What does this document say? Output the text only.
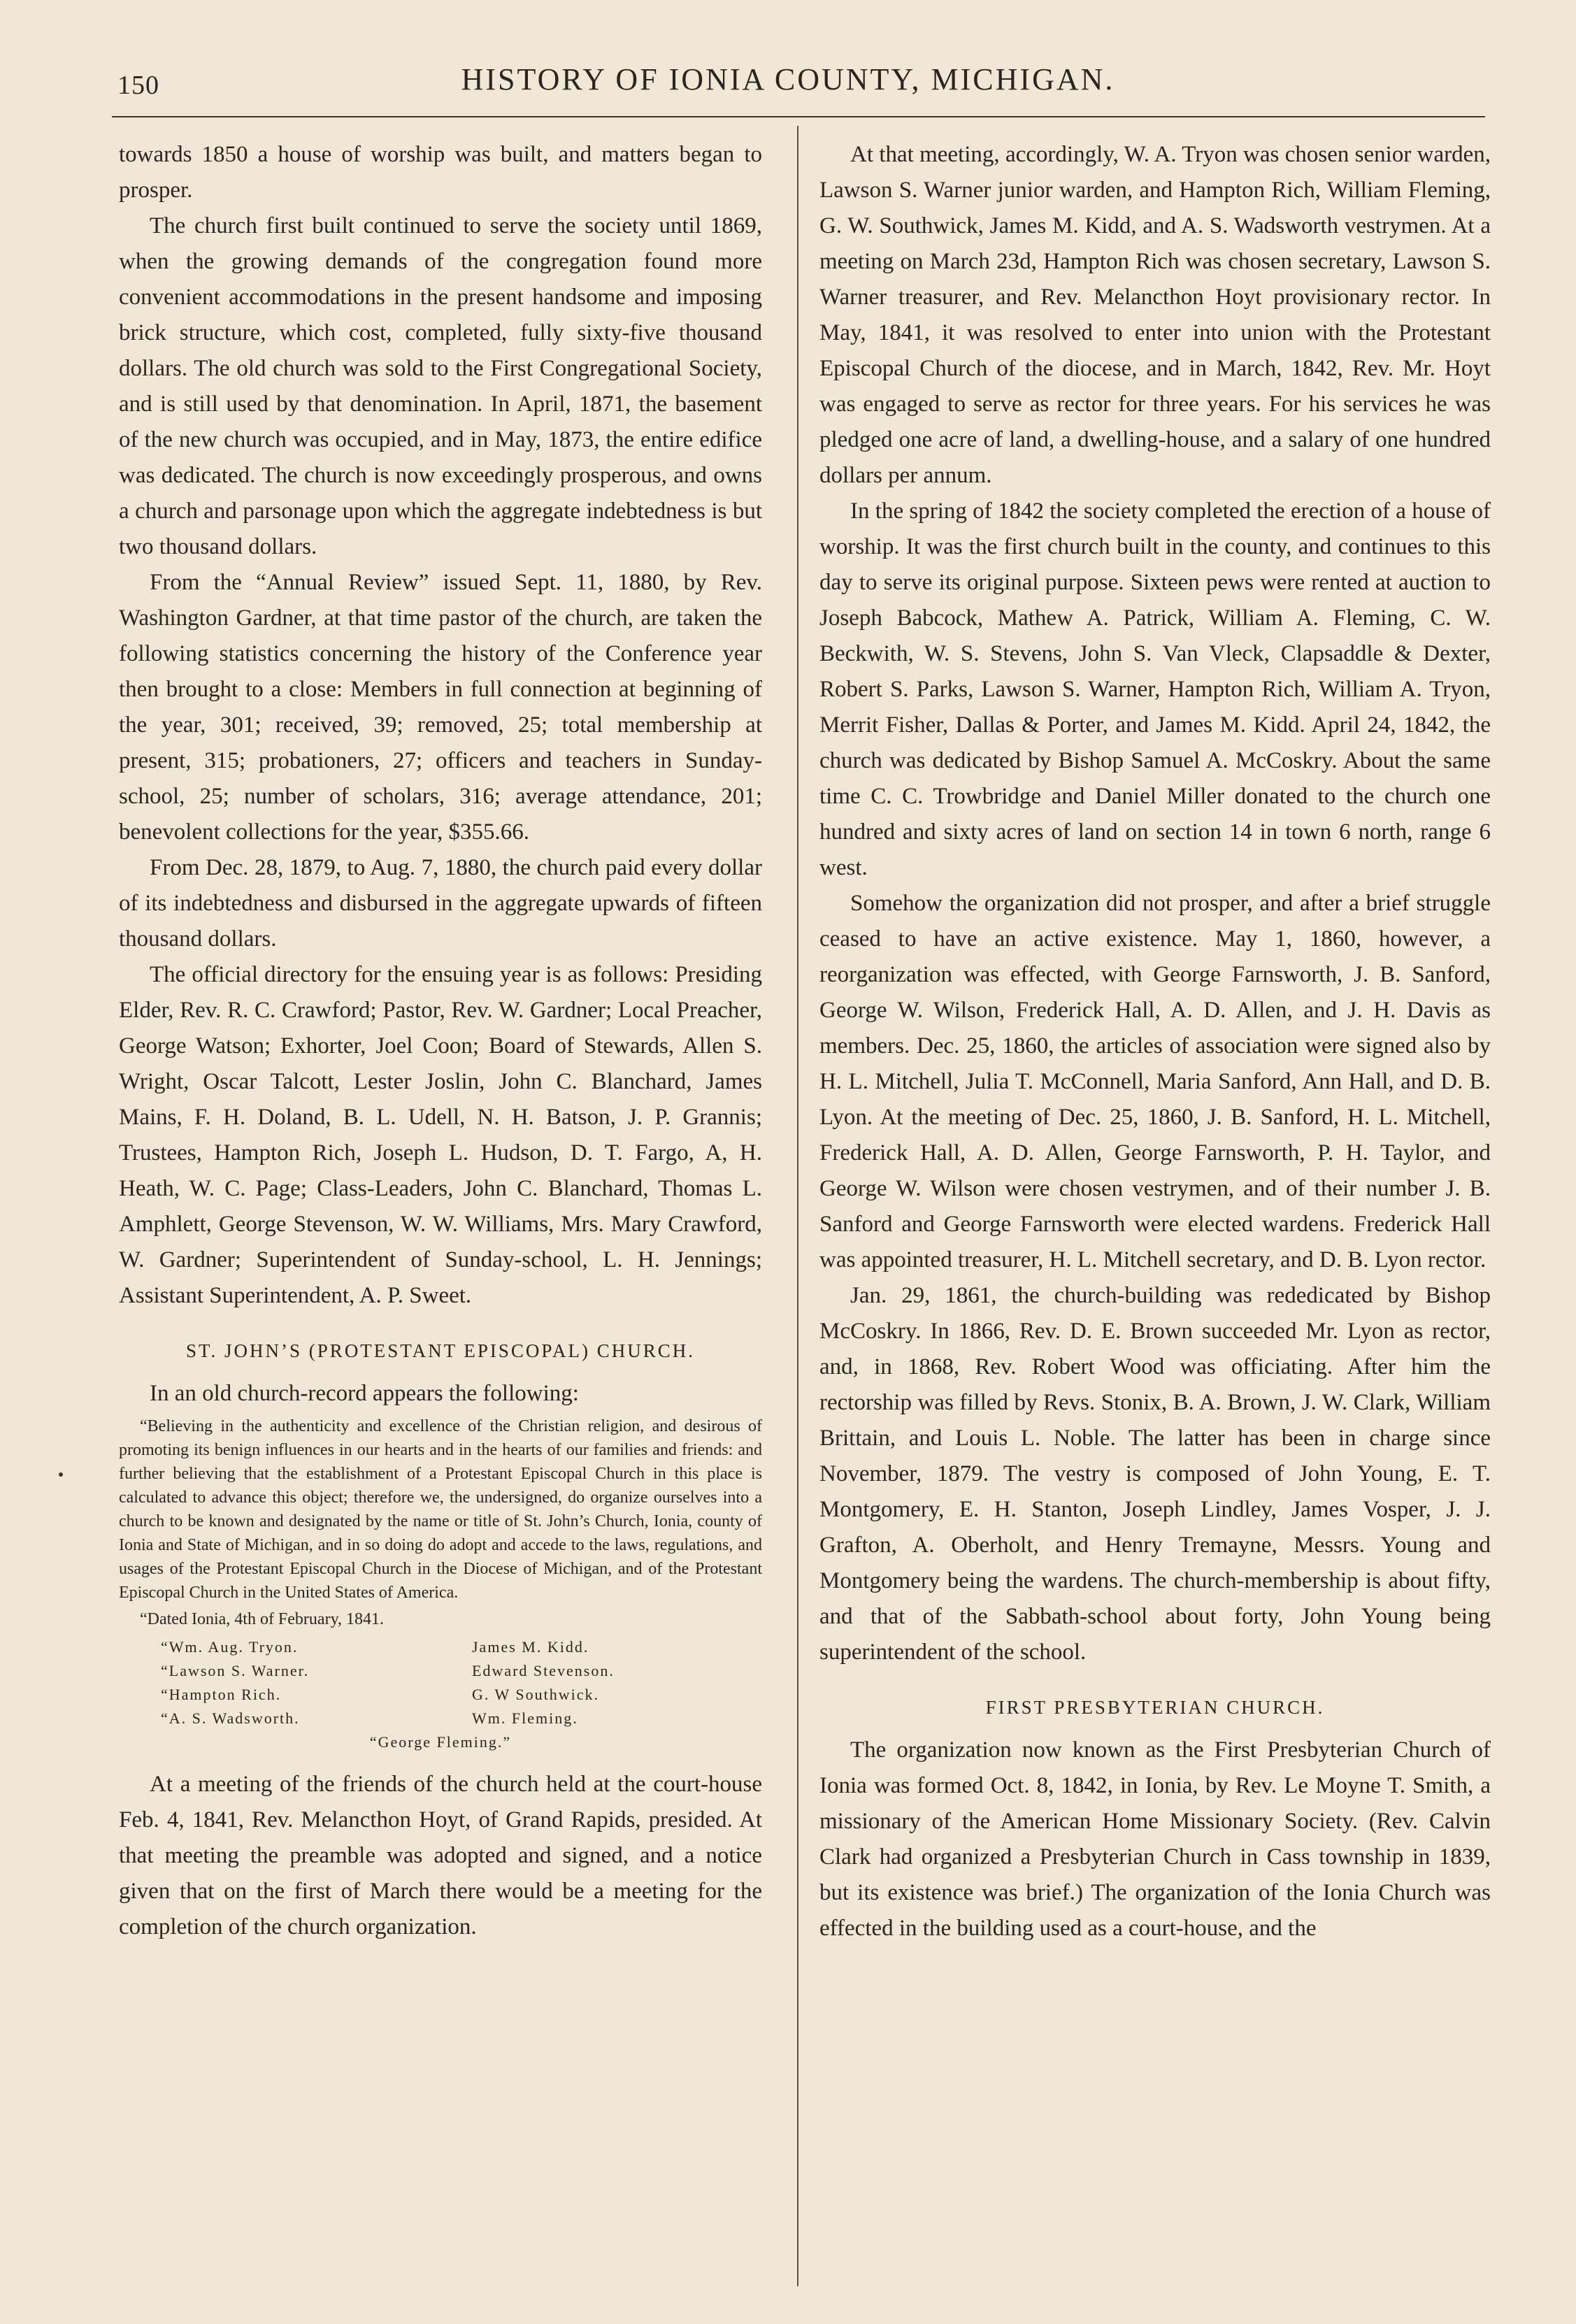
150	HISTORY OF IONIA COUNTY, MICHIGAN.

towards 1850 a house of worship was built, and matters began to prosper.

The church first built continued to serve the society until 1869, when the growing demands of the congregation found more convenient accommodations in the present handsome and imposing brick structure, which cost, completed, fully sixty-five thousand dollars. The old church was sold to the First Congregational Society, and is still used by that denomination. In April, 1871, the basement of the new church was occupied, and in May, 1873, the entire edifice was dedicated. The church is now exceedingly prosperous, and owns a church and parsonage upon which the aggregate indebtedness is but two thousand dollars.

From the “Annual Review” issued Sept. 11, 1880, by Rev. Washington Gardner, at that time pastor of the church, are taken the following statistics concerning the history of the Conference year then brought to a close: Members in full connection at beginning of the year, 301; received, 39; removed, 25; total membership at present, 315; probationers, 27; officers and teachers in Sunday-school, 25; number of scholars, 316; average attendance, 201; benevolent collections for the year, $355.66.

From Dec. 28, 1879, to Aug. 7, 1880, the church paid every dollar of its indebtedness and disbursed in the aggregate upwards of fifteen thousand dollars.

The official directory for the ensuing year is as follows: Presiding Elder, Rev. R. C. Crawford; Pastor, Rev. W. Gardner; Local Preacher, George Watson; Exhorter, Joel Coon; Board of Stewards, Allen S. Wright, Oscar Talcott, Lester Joslin, John C. Blanchard, James Mains, F. H. Doland, B. L. Udell, N. H. Batson, J. P. Grannis; Trustees, Hampton Rich, Joseph L. Hudson, D. T. Fargo, A, H. Heath, W. C. Page; Class-Leaders, John C. Blanchard, Thomas L. Amphlett, George Stevenson, W. W. Williams, Mrs. Mary Crawford, W. Gardner; Superintendent of Sunday-school, L. H. Jennings; Assistant Superintendent, A. P. Sweet.

ST. JOHN’S (PROTESTANT EPISCOPAL) CHURCH.

In an old church-record appears the following:

“Believing in the authenticity and excellence of the Christian religion, and desirous of promoting its benign influences in our hearts and in the hearts of our families and friends: and further believing that the establishment of a Protestant Episcopal Church in this place is calculated to advance this object; therefore we, the undersigned, do organize ourselves into a church to be known and designated by the name or title of St. John’s Church, Ionia, county of Ionia and State of Michigan, and in so doing do adopt and accede to the laws, regulations, and usages of the Protestant Episcopal Church in the Diocese of Michigan, and of the Protestant Episcopal Church in the United States of America.

“Dated Ionia, 4th of February, 1841.
“Wm. Aug. Tryon.	James M. Kidd.
“Lawson S. Warner.	Edward Stevenson.
“Hampton Rich.	G. W Southwick.
“A. S. Wadsworth.	Wm. Fleming.
“George Fleming.”

At a meeting of the friends of the church held at the court-house Feb. 4, 1841, Rev. Melancthon Hoyt, of Grand Rapids, presided. At that meeting the preamble was adopted and signed, and a notice given that on the first of March there would be a meeting for the completion of the church organization.

At that meeting, accordingly, W. A. Tryon was chosen senior warden, Lawson S. Warner junior warden, and Hampton Rich, William Fleming, G. W. Southwick, James M. Kidd, and A. S. Wadsworth vestrymen. At a meeting on March 23d, Hampton Rich was chosen secretary, Lawson S. Warner treasurer, and Rev. Melancthon Hoyt provisionary rector. In May, 1841, it was resolved to enter into union with the Protestant Episcopal Church of the diocese, and in March, 1842, Rev. Mr. Hoyt was engaged to serve as rector for three years. For his services he was pledged one acre of land, a dwelling-house, and a salary of one hundred dollars per annum.

In the spring of 1842 the society completed the erection of a house of worship. It was the first church built in the county, and continues to this day to serve its original purpose. Sixteen pews were rented at auction to Joseph Babcock, Mathew A. Patrick, William A. Fleming, C. W. Beckwith, W. S. Stevens, John S. Van Vleck, Clapsaddle & Dexter, Robert S. Parks, Lawson S. Warner, Hampton Rich, William A. Tryon, Merrit Fisher, Dallas & Porter, and James M. Kidd. April 24, 1842, the church was dedicated by Bishop Samuel A. McCoskry. About the same time C. C. Trowbridge and Daniel Miller donated to the church one hundred and sixty acres of land on section 14 in town 6 north, range 6 west.

Somehow the organization did not prosper, and after a brief struggle ceased to have an active existence. May 1, 1860, however, a reorganization was effected, with George Farnsworth, J. B. Sanford, George W. Wilson, Frederick Hall, A. D. Allen, and J. H. Davis as members. Dec. 25, 1860, the articles of association were signed also by H. L. Mitchell, Julia T. McConnell, Maria Sanford, Ann Hall, and D. B. Lyon. At the meeting of Dec. 25, 1860, J. B. Sanford, H. L. Mitchell, Frederick Hall, A. D. Allen, George Farnsworth, P. H. Taylor, and George W. Wilson were chosen vestrymen, and of their number J. B. Sanford and George Farnsworth were elected wardens. Frederick Hall was appointed treasurer, H. L. Mitchell secretary, and D. B. Lyon rector.

Jan. 29, 1861, the church-building was rededicated by Bishop McCoskry. In 1866, Rev. D. E. Brown succeeded Mr. Lyon as rector, and, in 1868, Rev. Robert Wood was officiating. After him the rectorship was filled by Revs. Stonix, B. A. Brown, J. W. Clark, William Brittain, and Louis L. Noble. The latter has been in charge since November, 1879. The vestry is composed of John Young, E. T. Montgomery, E. H. Stanton, Joseph Lindley, James Vosper, J. J. Grafton, A. Oberholt, and Henry Tremayne, Messrs. Young and Montgomery being the wardens. The church-membership is about fifty, and that of the Sabbath-school about forty, John Young being superintendent of the school.

FIRST PRESBYTERIAN CHURCH.

The organization now known as the First Presbyterian Church of Ionia was formed Oct. 8, 1842, in Ionia, by Rev. Le Moyne T. Smith, a missionary of the American Home Missionary Society. (Rev. Calvin Clark had organized a Presbyterian Church in Cass township in 1839, but its existence was brief.) The organization of the Ionia Church was effected in the building used as a court-house, and the
